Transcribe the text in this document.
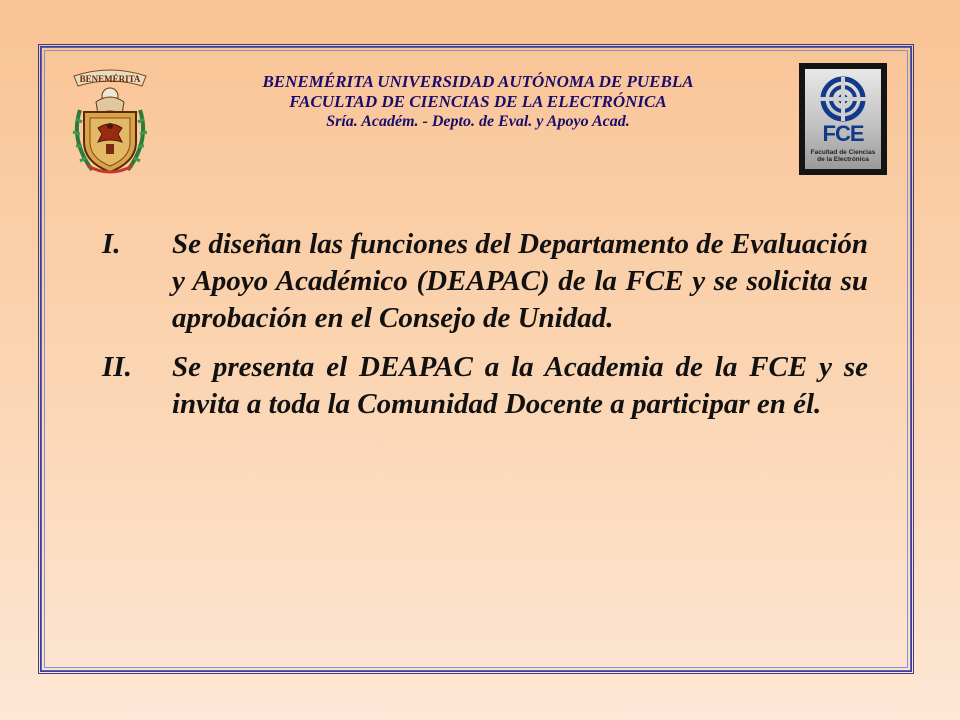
BENEMÉRITA	BENEMÉRITA UNIVERSIDAD AUTÓNOMA DE PUEBLA
FACULTAD DE CIENCIAS DE LA ELECTRÓNICA
Sría. Académ. - Depto. de Eval. y Apoyo Acad.	FCE
Facultad de Ciencias
de la Electrónica
I. Se diseñan las funciones del Departamento de Evaluación y Apoyo Académico (DEAPAC) de la FCE y se solicita su aprobación en el Consejo de Unidad.
II. Se presenta el DEAPAC a la Academia de la FCE y se invita a toda la Comunidad Docente a participar en él.
